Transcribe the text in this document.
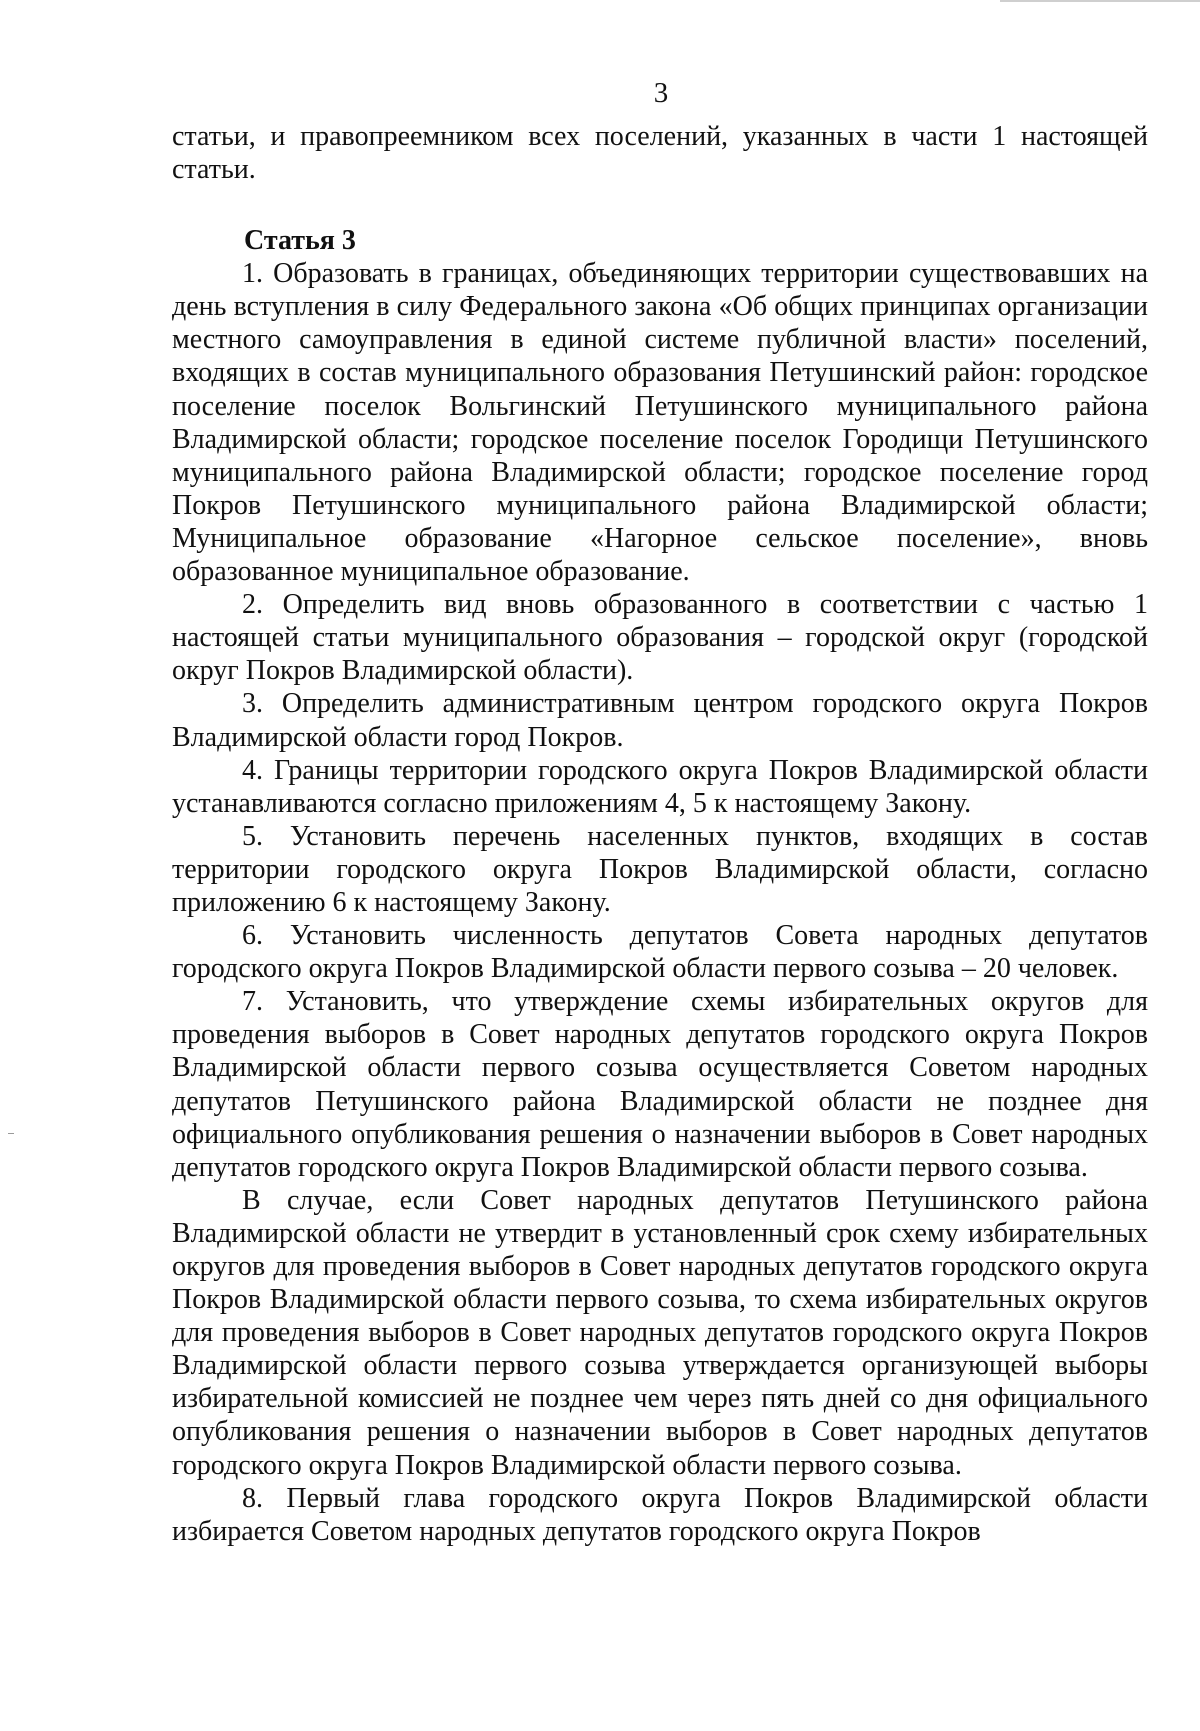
3

статьи, и правопреемником всех поселений, указанных в части 1 настоящей статьи.

Статья 3

1. Образовать в границах, объединяющих территории существовавших на день вступления в силу Федерального закона «Об общих принципах организации местного самоуправления в единой системе публичной власти» поселений, входящих в состав муниципального образования Петушинский район: городское поселение поселок Вольгинский Петушинского муниципального района Владимирской области; городское поселение поселок Городищи Петушинского муниципального района Владимирской области; городское поселение город Покров Петушинского муниципального района Владимирской области; Муниципальное образование «Нагорное сельское поселение», вновь образованное муниципальное образование.

2. Определить вид вновь образованного в соответствии с частью 1 настоящей статьи муниципального образования – городской округ (городской округ Покров Владимирской области).

3. Определить административным центром городского округа Покров Владимирской области город Покров.

4. Границы территории городского округа Покров Владимирской области устанавливаются согласно приложениям 4, 5 к настоящему Закону.

5. Установить перечень населенных пунктов, входящих в состав территории городского округа Покров Владимирской области, согласно приложению 6 к настоящему Закону.

6. Установить численность депутатов Совета народных депутатов городского округа Покров Владимирской области первого созыва – 20 человек.

7. Установить, что утверждение схемы избирательных округов для проведения выборов в Совет народных депутатов городского округа Покров Владимирской области первого созыва осуществляется Советом народных депутатов Петушинского района Владимирской области не позднее дня официального опубликования решения о назначении выборов в Совет народных депутатов городского округа Покров Владимирской области первого созыва.

В случае, если Совет народных депутатов Петушинского района Владимирской области не утвердит в установленный срок схему избирательных округов для проведения выборов в Совет народных депутатов городского округа Покров Владимирской области первого созыва, то схема избирательных округов для проведения выборов в Совет народных депутатов городского округа Покров Владимирской области первого созыва утверждается организующей выборы избирательной комиссией не позднее чем через пять дней со дня официального опубликования решения о назначении выборов в Совет народных депутатов городского округа Покров Владимирской области первого созыва.

8. Первый глава городского округа Покров Владимирской области избирается Советом народных депутатов городского округа Покров
